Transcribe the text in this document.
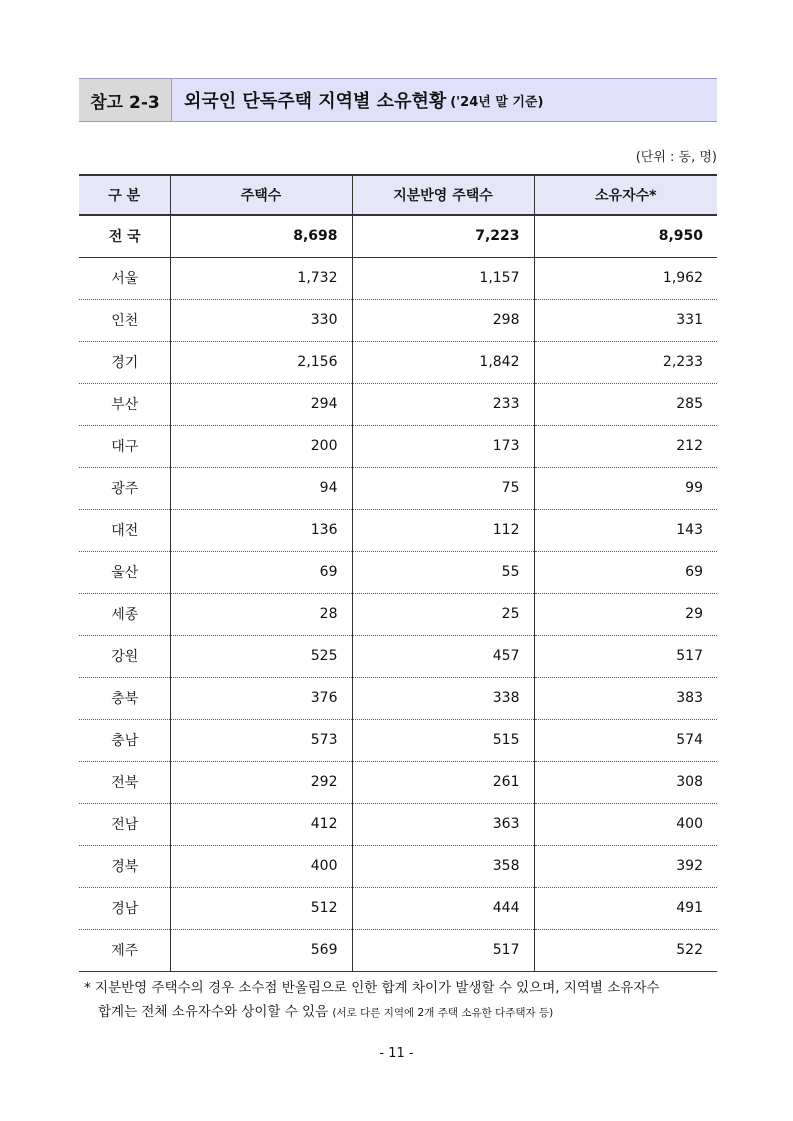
참고 2-3	외국인 단독주택 지역별 소유현황 ('24년 말 기준)
(단위 : 동, 명)
구 분	주택수	지분반영 주택수	소유자수*
전 국	8,698	7,223	8,950
서울	1,732	1,157	1,962
인천	330	298	331
경기	2,156	1,842	2,233
부산	294	233	285
대구	200	173	212
광주	94	75	99
대전	136	112	143
울산	69	55	69
세종	28	25	29
강원	525	457	517
충북	376	338	383
충남	573	515	574
전북	292	261	308
전남	412	363	400
경북	400	358	392
경남	512	444	491
제주	569	517	522
* 지분반영 주택수의 경우 소수점 반올림으로 인한 합계 차이가 발생할 수 있으며, 지역별 소유자수
합계는 전체 소유자수와 상이할 수 있음 (서로 다른 지역에 2개 주택 소유한 다주택자 등)
- 11 -
